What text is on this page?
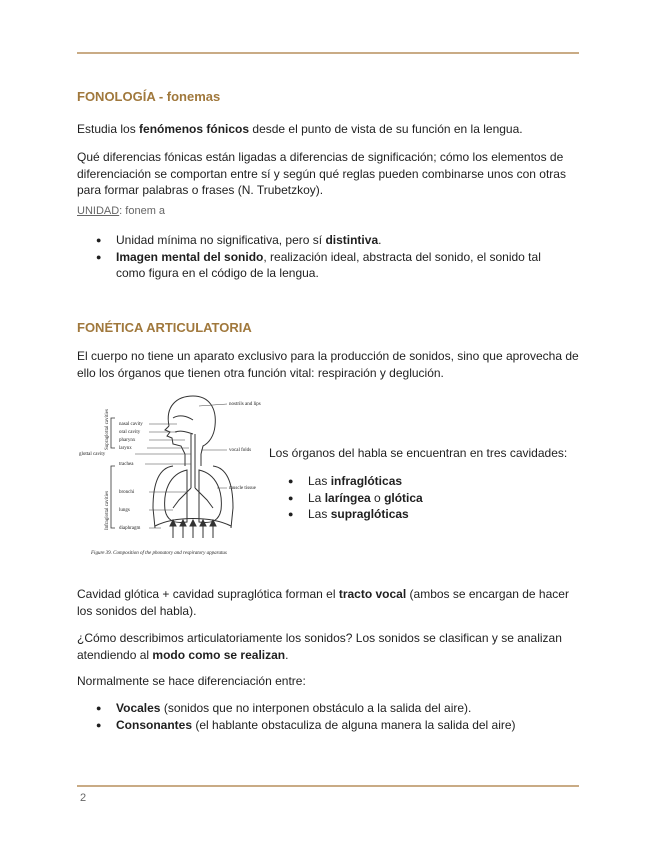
FONOLOGÍA - fonemas

Estudia los fenómenos fónicos desde el punto de vista de su función en la lengua.

Qué diferencias fónicas están ligadas a diferencias de significación; cómo los elementos de diferenciación se comportan entre sí y según qué reglas pueden combinarse unos con otras para formar palabras o frases (N. Trubetzkoy).

UNIDAD: fonem a

● Unidad mínima no significativa, pero sí distintiva.
● Imagen mental del sonido, realización ideal, abstracta del sonido, el sonido tal como figura en el código de la lengua.
FONÉTICA ARTICULATORIA

El cuerpo no tiene un aparato exclusivo para la producción de sonidos, sino que aprovecha de ello los órganos que tienen otra función vital: respiración y deglución.

nasal cavity
oral cavity
pharynx
larynx
glottal cavity
trachea
bronchi
lungs
diaphragm
nostrils and lips
vocal folds
muscle tissue
Supraglottal cavities
Infraglottal cavities
Figure 39. Composition of the phonatory and respiratory apparatus

Los órganos del habla se encuentran en tres cavidades:

● Las infraglóticas
● La laríngea o glótica
● Las supraglóticas

Cavidad glótica + cavidad supraglótica forman el tracto vocal (ambos se encargan de hacer los sonidos del habla).

¿Cómo describimos articulatoriamente los sonidos? Los sonidos se clasifican y se analizan atendiendo al modo como se realizan.

Normalmente se hace diferenciación entre:

● Vocales (sonidos que no interponen obstáculo a la salida del aire).
● Consonantes (el hablante obstaculiza de alguna manera la salida del aire)

2
